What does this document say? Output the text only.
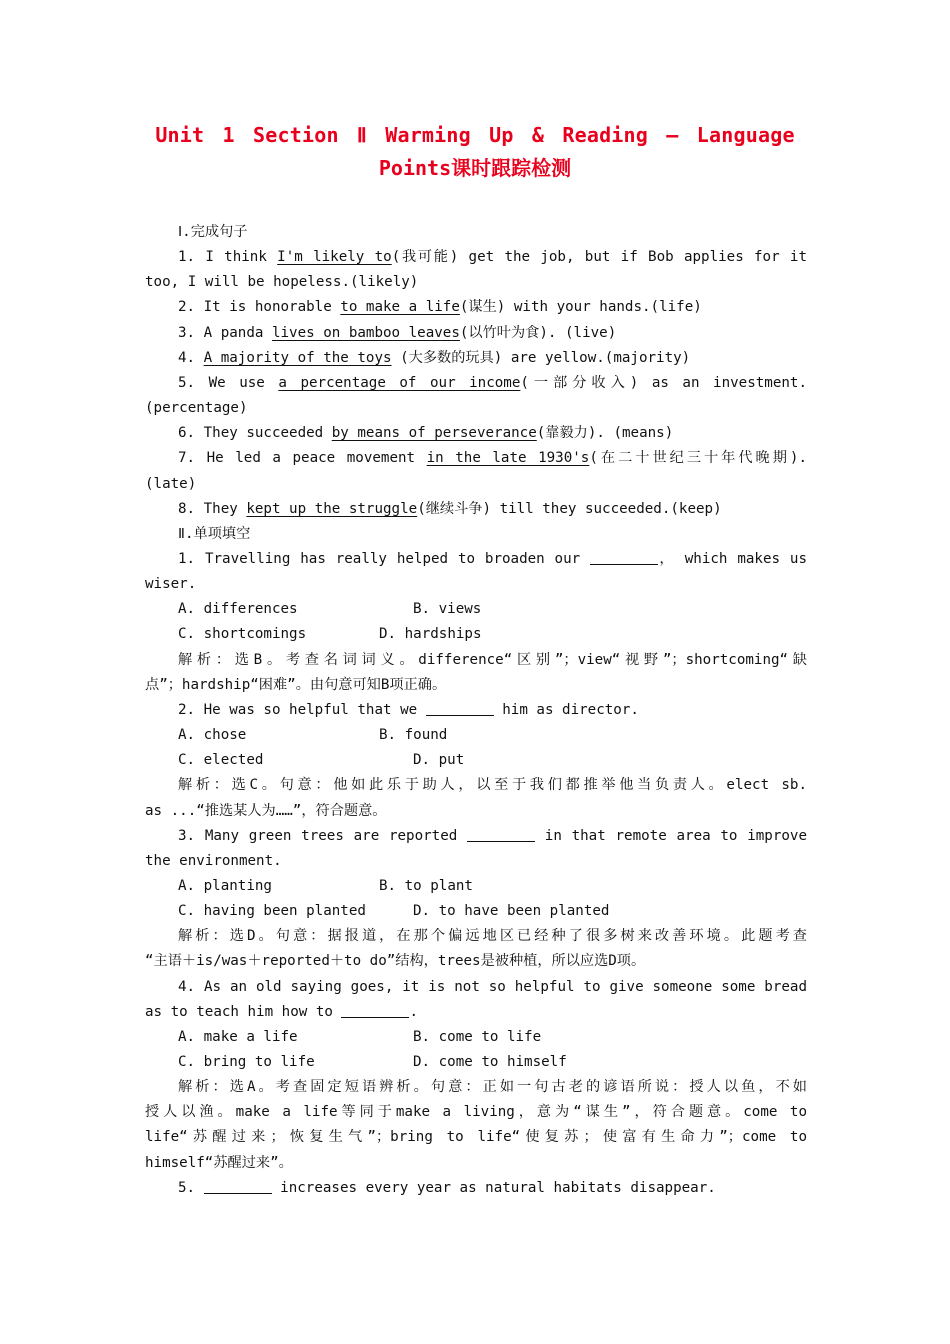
Unit 1 Section Ⅱ Warming Up & Reading — Language

Points课时跟踪检测

Ⅰ.完成句子

1. I think I'm likely to(我可能) get the job, but if Bob applies for it

too, I will be hopeless.(likely)

2. It is honorable to make a life(谋生) with your hands.(life)

3. A panda lives on bamboo leaves(以竹叶为食). (live)

4. A majority of the toys (大多数的玩具) are yellow.(majority)

5. We use a percentage of our income(一部分收入) as an investment.

(percentage)

6. They succeeded by means of perseverance(靠毅力). (means)

7. He led a peace movement in the late 1930's(在二十世纪三十年代晚期).

(late)

8. They kept up the struggle(继续斗争) till they succeeded.(keep)

Ⅱ.单项填空

1. Travelling has really helped to broaden our	， which makes us

wiser.

A. differences	B. views

C. shortcomings	D. hardships

解析：选B。考查名词词义。difference“区别”；view“视野”；shortcoming“缺

点”；hardship“困难”。由句意可知B项正确。

2. He was so helpful that we	him as director.

A. chose	B. found

C. elected	D. put

解析：选C。句意：他如此乐于助人，以至于我们都推举他当负责人。elect sb.

as ...“推选某人为……”，符合题意。

3. Many green trees are reported	in that remote area to improve

the environment.

A. planting	B. to plant

C. having been planted	D. to have been planted

解析：选D。句意：据报道，在那个偏远地区已经种了很多树来改善环境。此题考查

“主语＋is/was＋reported＋to do”结构，trees是被种植，所以应选D项。

4. As an old saying goes, it is not so helpful to give someone some bread

as to teach him how to	.

A. make a life	B. come to life

C. bring to life	D. come to himself

解析：选A。考查固定短语辨析。句意：正如一句古老的谚语所说：授人以鱼，不如

授人以渔。make a life等同于make a living，意为“谋生”，符合题意。come to

life“苏醒过来；恢复生气”；bring to life“使复苏；使富有生命力”；come to

himself“苏醒过来”。

5.	increases every year as natural habitats disappear.
